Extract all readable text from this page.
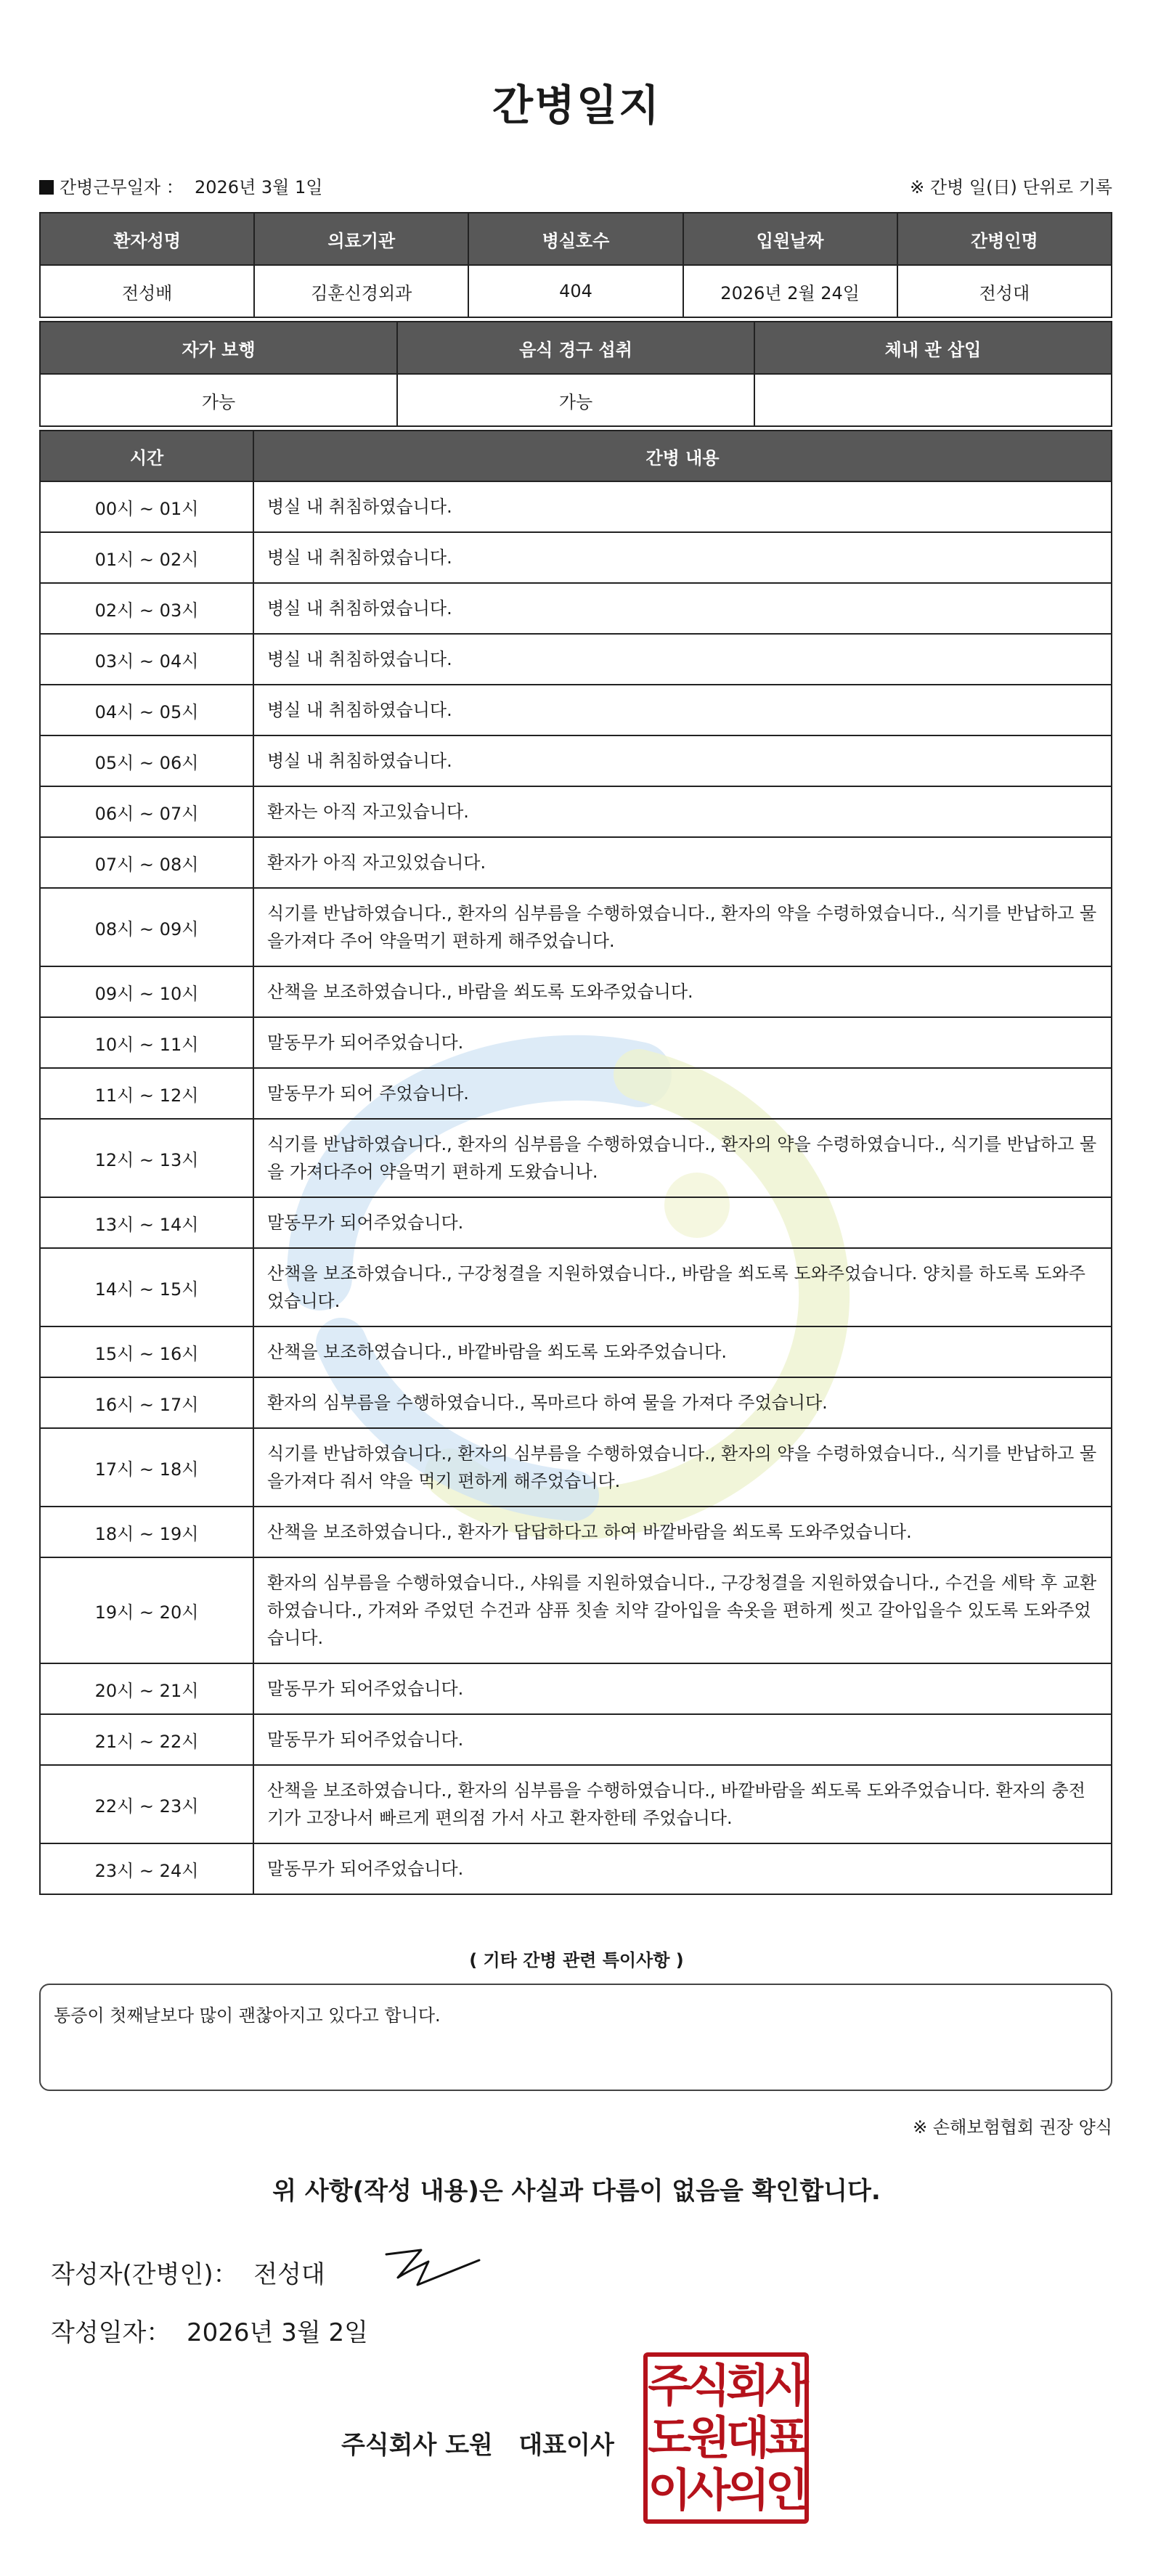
간병일지
간병근무일자 ： 2026년 3월 1일	※ 간병 일(日) 단위로 기록
환자성명	의료기관	병실호수	입원날짜	간병인명
전성배	김훈신경외과	404	2026년 2월 24일	전성대
자가 보행	음식 경구 섭취	체내 관 삽입
가능	가능	
시간	간병 내용
00시 ~ 01시	병실 내 취침하였습니다.
01시 ~ 02시	병실 내 취침하였습니다.
02시 ~ 03시	병실 내 취침하였습니다.
03시 ~ 04시	병실 내 취침하였습니다.
04시 ~ 05시	병실 내 취침하였습니다.
05시 ~ 06시	병실 내 취침하였습니다.
06시 ~ 07시	환자는 아직 자고있습니다.
07시 ~ 08시	환자가 아직 자고있었습니다.
08시 ~ 09시	식기를 반납하였습니다., 환자의 심부름을 수행하였습니다., 환자의 약을 수령하였습니다., 식기를 반납하고 물을가져다 주어 약을먹기 편하게 해주었습니다.
09시 ~ 10시	산책을 보조하였습니다., 바람을 쐬도록 도와주었습니다.
10시 ~ 11시	말동무가 되어주었습니다.
11시 ~ 12시	말동무가 되어 주었습니다.
12시 ~ 13시	식기를 반납하였습니다., 환자의 심부름을 수행하였습니다., 환자의 약을 수령하였습니다., 식기를 반납하고 물을 가져다주어 약을먹기 편하게 도왔습니나.
13시 ~ 14시	말동무가 되어주었습니다.
14시 ~ 15시	산책을 보조하였습니다., 구강청결을 지원하였습니다., 바람을 쐬도록 도와주었습니다. 양치를 하도록 도와주었습니다.
15시 ~ 16시	산책을 보조하였습니다., 바깥바람을 쐬도록 도와주었습니다.
16시 ~ 17시	환자의 심부름을 수행하였습니다., 목마르다 하여 물을 가져다 주었습니다.
17시 ~ 18시	식기를 반납하였습니다., 환자의 심부름을 수행하였습니다., 환자의 약을 수령하였습니다., 식기를 반납하고 물을가져다 줘서 약을 먹기 편하게 해주었습니다.
18시 ~ 19시	산책을 보조하였습니다., 환자가 답답하다고 하여 바깥바람을 쐬도록 도와주었습니다.
19시 ~ 20시	환자의 심부름을 수행하였습니다., 샤워를 지원하였습니다., 구강청결을 지원하였습니다., 수건을 세탁 후 교환하였습니다., 가져와 주었던 수건과 샴퓨 칫솔 치약 갈아입을 속옷을 편하게 씻고 갈아입을수 있도록 도와주었습니다.
20시 ~ 21시	말동무가 되어주었습니다.
21시 ~ 22시	말동무가 되어주었습니다.
22시 ~ 23시	산책을 보조하였습니다., 환자의 심부름을 수행하였습니다., 바깥바람을 쐬도록 도와주었습니다. 환자의 충전기가 고장나서 빠르게 편의점 가서 사고 환자한테 주었습니다.
23시 ~ 24시	말동무가 되어주었습니다.
( 기타 간병 관련 특이사항 )
통증이 첫째날보다 많이 괜찮아지고 있다고 합니다.
※ 손해보험협회 권장 양식
위 사항(작성 내용)은 사실과 다름이 없음을 확인합니다.
작성자(간병인)： 전성대
작성일자： 2026년 3월 2일
주식회사 도원 대표이사
주식회사
도원대표
이사의인
